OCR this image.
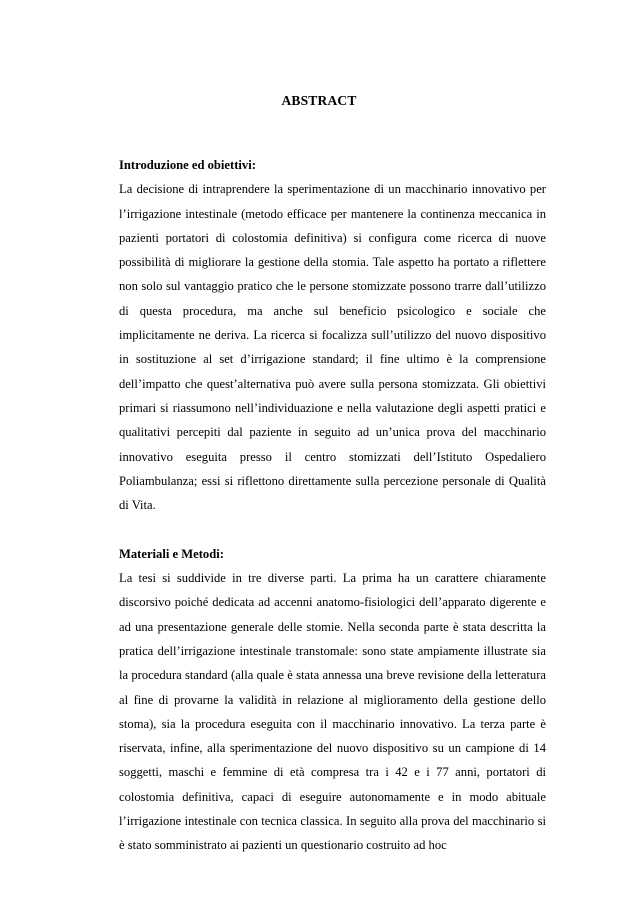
ABSTRACT

Introduzione ed obiettivi:

La decisione di intraprendere la sperimentazione di un macchinario innovativo per l’irrigazione intestinale (metodo efficace per mantenere la continenza meccanica in pazienti portatori di colostomia definitiva) si configura come ricerca di nuove possibilità di migliorare la gestione della stomia. Tale aspetto ha portato a riflettere non solo sul vantaggio pratico che le persone stomizzate possono trarre dall’utilizzo di questa procedura, ma anche sul beneficio psicologico e sociale che implicitamente ne deriva. La ricerca si focalizza sull’utilizzo del nuovo dispositivo in sostituzione al set d’irrigazione standard; il fine ultimo è la comprensione dell’impatto che quest’alternativa può avere sulla persona stomizzata. Gli obiettivi primari si riassumono nell’individuazione e nella valutazione degli aspetti pratici e qualitativi percepiti dal paziente in seguito ad un’unica prova del macchinario innovativo eseguita presso il centro stomizzati dell’Istituto Ospedaliero Poliambulanza; essi si riflettono direttamente sulla percezione personale di Qualità di Vita.

Materiali e Metodi:

La tesi si suddivide in tre diverse parti. La prima ha un carattere chiaramente discorsivo poiché dedicata ad accenni anatomo-fisiologici dell’apparato digerente e ad una presentazione generale delle stomie. Nella seconda parte è stata descritta la pratica dell’irrigazione intestinale transtomale: sono state ampiamente illustrate sia la procedura standard (alla quale è stata annessa una breve revisione della letteratura al fine di provarne la validità in relazione al miglioramento della gestione dello stoma), sia la procedura eseguita con il macchinario innovativo. La terza parte è riservata, infine, alla sperimentazione del nuovo dispositivo su un campione di 14 soggetti, maschi e femmine di età compresa tra i 42 e i 77 anni, portatori di colostomia definitiva, capaci di eseguire autonomamente e in modo abituale l’irrigazione intestinale con tecnica classica. In seguito alla prova del macchinario si è stato somministrato ai pazienti un questionario costruito ad hoc
